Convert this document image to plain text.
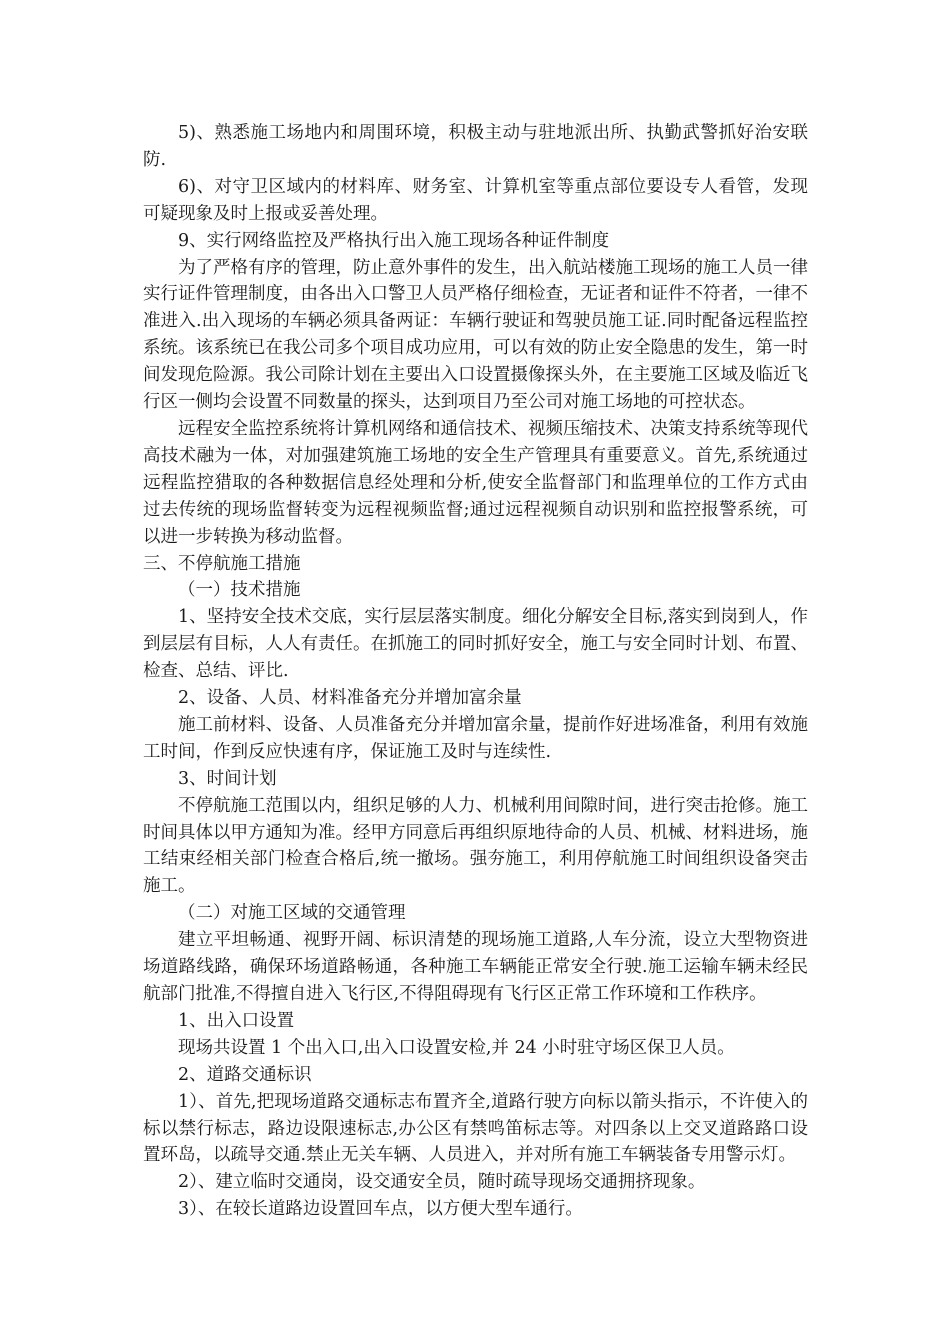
5)、熟悉施工场地内和周围环境，积极主动与驻地派出所、执勤武警抓好治安联防.

6)、对守卫区域内的材料库、财务室、计算机室等重点部位要设专人看管，发现可疑现象及时上报或妥善处理。

9、实行网络监控及严格执行出入施工现场各种证件制度

为了严格有序的管理，防止意外事件的发生，出入航站楼施工现场的施工人员一律实行证件管理制度，由各出入口警卫人员严格仔细检查，无证者和证件不符者，一律不准进入.出入现场的车辆必须具备两证：车辆行驶证和驾驶员施工证.同时配备远程监控系统。该系统已在我公司多个项目成功应用，可以有效的防止安全隐患的发生，第一时间发现危险源。我公司除计划在主要出入口设置摄像探头外，在主要施工区域及临近飞行区一侧均会设置不同数量的探头，达到项目乃至公司对施工场地的可控状态。

远程安全监控系统将计算机网络和通信技术、视频压缩技术、决策支持系统等现代高技术融为一体，对加强建筑施工场地的安全生产管理具有重要意义。首先,系统通过远程监控猎取的各种数据信息经处理和分析,使安全监督部门和监理单位的工作方式由过去传统的现场监督转变为远程视频监督;通过远程视频自动识别和监控报警系统，可以进一步转换为移动监督。

三、不停航施工措施

（一）技术措施

1、坚持安全技术交底，实行层层落实制度。细化分解安全目标,落实到岗到人，作到层层有目标，人人有责任。在抓施工的同时抓好安全，施工与安全同时计划、布置、检查、总结、评比.

2、设备、人员、材料准备充分并增加富余量

施工前材料、设备、人员准备充分并增加富余量，提前作好进场准备，利用有效施工时间，作到反应快速有序，保证施工及时与连续性.

3、时间计划

不停航施工范围以内，组织足够的人力、机械利用间隙时间，进行突击抢修。施工时间具体以甲方通知为准。经甲方同意后再组织原地待命的人员、机械、材料进场，施工结束经相关部门检查合格后,统一撤场。强夯施工，利用停航施工时间组织设备突击施工。

（二）对施工区域的交通管理

建立平坦畅通、视野开阔、标识清楚的现场施工道路,人车分流，设立大型物资进场道路线路，确保环场道路畅通，各种施工车辆能正常安全行驶.施工运输车辆未经民航部门批准,不得擅自进入飞行区,不得阻碍现有飞行区正常工作环境和工作秩序。

1、出入口设置

现场共设置 1 个出入口,出入口设置安检,并 24 小时驻守场区保卫人员。

2、道路交通标识

1）、首先,把现场道路交通标志布置齐全,道路行驶方向标以箭头指示，不许使入的标以禁行标志，路边设限速标志,办公区有禁鸣笛标志等。对四条以上交叉道路路口设置环岛，以疏导交通.禁止无关车辆、人员进入，并对所有施工车辆装备专用警示灯。

2）、建立临时交通岗，设交通安全员，随时疏导现场交通拥挤现象。

3）、在较长道路边设置回车点，以方便大型车通行。
